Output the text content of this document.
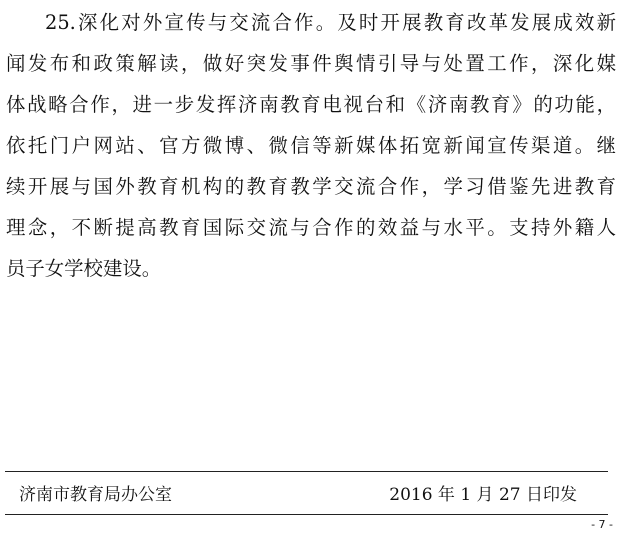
25.深化对外宣传与交流合作。及时开展教育改革发展成效新
闻发布和政策解读，做好突发事件舆情引导与处置工作，深化媒
体战略合作，进一步发挥济南教育电视台和《济南教育》的功能，
依托门户网站、官方微博、微信等新媒体拓宽新闻宣传渠道。继
续开展与国外教育机构的教育教学交流合作，学习借鉴先进教育
理念，不断提高教育国际交流与合作的效益与水平。支持外籍人
员子女学校建设。
济南市教育局办公室	2016 年 1 月 27 日印发
- 7 -
